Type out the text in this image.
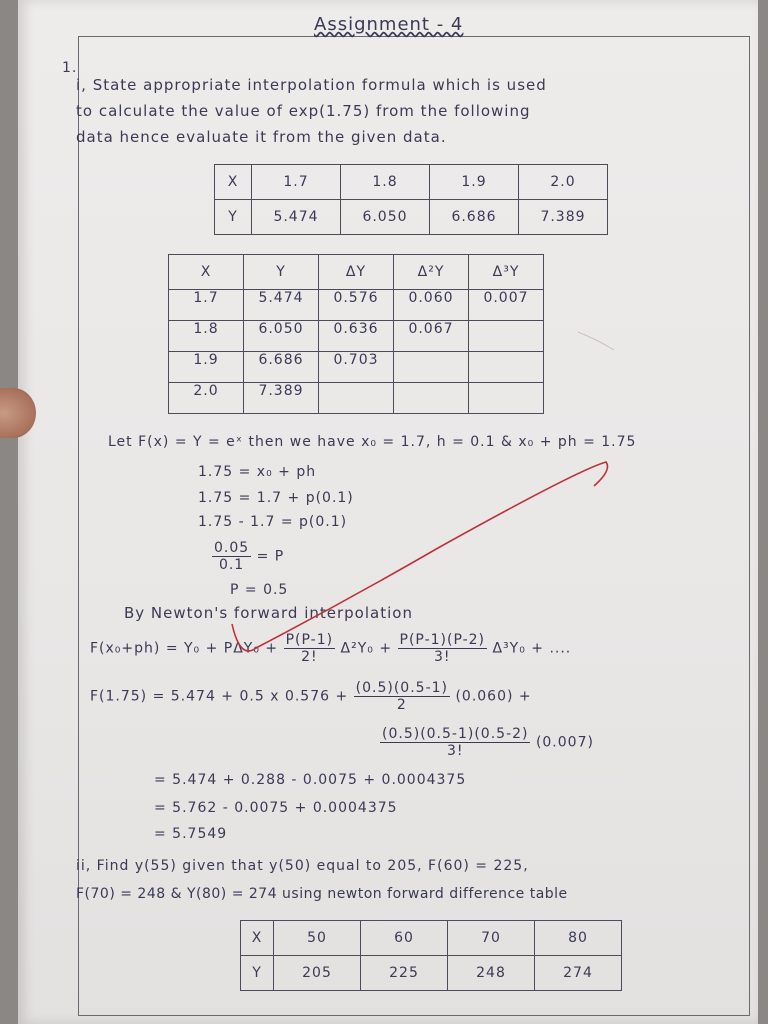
Assignment - 4
1.
i, State appropriate interpolation formula which is used
to calculate the value of exp(1.75) from the following
data hence evaluate it from the given data.
X	1.7	1.8	1.9	2.0
Y	5.474	6.050	6.686	7.389
X	Y	ΔY	Δ²Y	Δ³Y
1.7	5.474	0.576	0.060	0.007
1.8	6.050	0.636	0.067	
1.9	6.686	0.703		
2.0	7.389			
Let F(x) = Y = eˣ then we have x₀ = 1.7, h = 0.1 & x₀ + ph = 1.75
1.75 = x₀ + ph
1.75 = 1.7 + p(0.1)
1.75 - 1.7 = p(0.1)
$\frac{0.05}{0.1} = P$
P = 0.5
By Newton's forward interpolation
$F(x_0+ph) = Y_0 + P\Delta Y_0 + \frac{P(P-1)}{2!} \Delta^2Y_0 + \frac{P(P-1)(P-2)}{3!} \Delta^3Y_0$ + ....
F(1.75) = 5.474 + 0.5 x $0.576 + \frac{(0.5)(0.5-1)}{2} (0.060)$ +
$\frac{(0.5)(0.5-1)(0.5-2)}{3!} (0.007)$
= 5.474 + 0.288 - 0.0075 + 0.0004375
= 5.762 - 0.0075 + 0.0004375
= 5.7549
ii, Find y(55) given that y(50) equal to 205, F(60) = 225,
F(70) = 248 & Y(80) = 274 using newton forward difference table
X	50	60	70	80
Y	205	225	248	274
